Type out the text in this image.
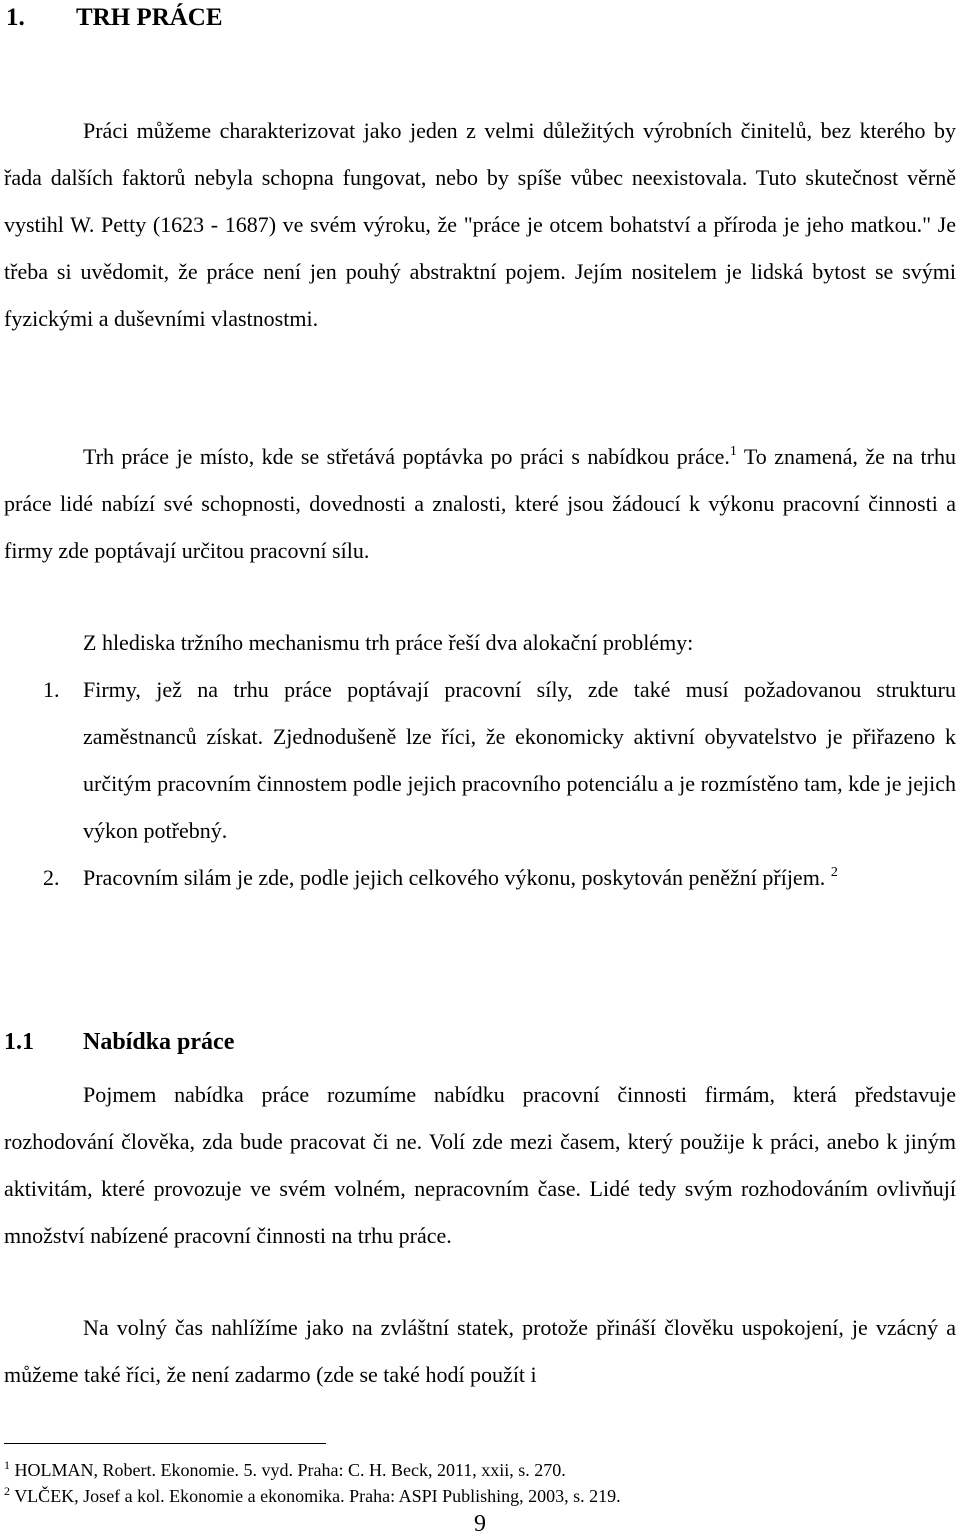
1. TRH PRÁCE

Práci můžeme charakterizovat jako jeden z velmi důležitých výrobních činitelů, bez kterého by řada dalších faktorů nebyla schopna fungovat, nebo by spíše vůbec neexistovala. Tuto skutečnost věrně vystihl W. Petty (1623 - 1687) ve svém výroku, že "práce je otcem bohatství a příroda je jeho matkou." Je třeba si uvědomit, že práce není jen pouhý abstraktní pojem. Jejím nositelem je lidská bytost se svými fyzickými a duševními vlastnostmi.

Trh práce je místo, kde se střetává poptávka po práci s nabídkou práce.$^1$ To znamená, že na trhu práce lidé nabízí své schopnosti, dovednosti a znalosti, které jsou žádoucí k výkonu pracovní činnosti a firmy zde poptávají určitou pracovní sílu.

Z hlediska tržního mechanismu trh práce řeší dva alokační problémy:

1. Firmy, jež na trhu práce poptávají pracovní síly, zde také musí požadovanou strukturu zaměstnanců získat. Zjednodušeně lze říci, že ekonomicky aktivní obyvatelstvo je přiřazeno k určitým pracovním činnostem podle jejich pracovního potenciálu a je rozmístěno tam, kde je jejich výkon potřebný.
2. Pracovním silám je zde, podle jejich celkového výkonu, poskytován peněžní příjem. $^2$
1.1 Nabídka práce

Pojmem nabídka práce rozumíme nabídku pracovní činnosti firmám, která představuje rozhodování člověka, zda bude pracovat či ne. Volí zde mezi časem, který použije k práci, anebo k jiným aktivitám, které provozuje ve svém volném, nepracovním čase. Lidé tedy svým rozhodováním ovlivňují množství nabízené pracovní činnosti na trhu práce.

Na volný čas nahlížíme jako na zvláštní statek, protože přináší člověku uspokojení, je vzácný a můžeme také říci, že není zadarmo (zde se také hodí použít i

$^1$ HOLMAN, Robert. Ekonomie. 5. vyd. Praha: C. H. Beck, 2011, xxii, s. 270.
$^2$ VLČEK, Josef a kol. Ekonomie a ekonomika. Praha: ASPI Publishing, 2003, s. 219.
9
